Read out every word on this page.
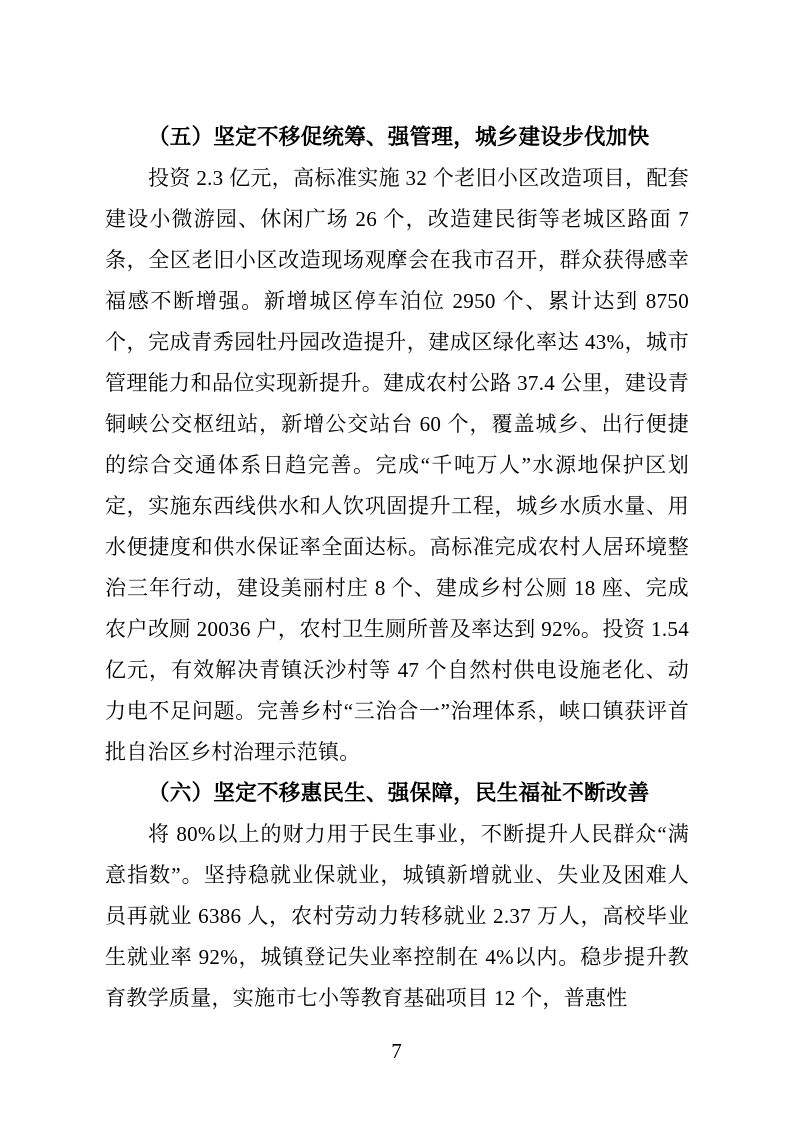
（五）坚定不移促统筹、强管理，城乡建设步伐加快

投资 2.3 亿元，高标准实施 32 个老旧小区改造项目，配套建设小微游园、休闲广场 26 个，改造建民街等老城区路面 7 条，全区老旧小区改造现场观摩会在我市召开，群众获得感幸福感不断增强。新增城区停车泊位 2950 个、累计达到 8750 个，完成青秀园牡丹园改造提升，建成区绿化率达 43%，城市管理能力和品位实现新提升。建成农村公路 37.4 公里，建设青铜峡公交枢纽站，新增公交站台 60 个，覆盖城乡、出行便捷的综合交通体系日趋完善。完成“千吨万人”水源地保护区划定，实施东西线供水和人饮巩固提升工程，城乡水质水量、用水便捷度和供水保证率全面达标。高标准完成农村人居环境整治三年行动，建设美丽村庄 8 个、建成乡村公厕 18 座、完成农户改厕 20036 户，农村卫生厕所普及率达到 92%。投资 1.54 亿元，有效解决青镇沃沙村等 47 个自然村供电设施老化、动力电不足问题。完善乡村“三治合一”治理体系，峡口镇获评首批自治区乡村治理示范镇。

（六）坚定不移惠民生、强保障，民生福祉不断改善

将 80%以上的财力用于民生事业，不断提升人民群众“满意指数”。坚持稳就业保就业，城镇新增就业、失业及困难人员再就业 6386 人，农村劳动力转移就业 2.37 万人，高校毕业生就业率 92%，城镇登记失业率控制在 4%以内。稳步提升教育教学质量，实施市七小等教育基础项目 12 个，普惠性

7
